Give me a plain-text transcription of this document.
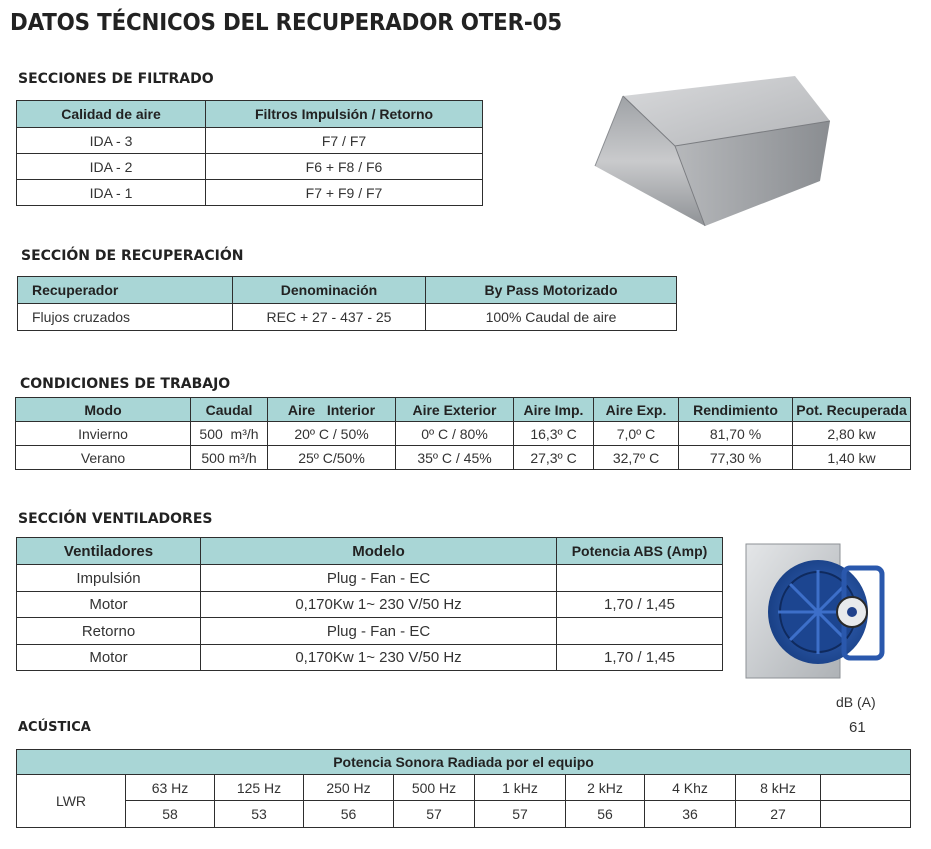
DATOS TÉCNICOS DEL RECUPERADOR OTER-05
SECCIONES DE FILTRADO
Calidad de aire	Filtros Impulsión / Retorno
IDA - 3	F7 / F7
IDA - 2	F6 + F8 / F6
IDA - 1	F7 + F9 / F7
SECCIÓN DE RECUPERACIÓN
Recuperador	Denominación	By Pass Motorizado
Flujos cruzados	REC + 27 - 437 - 25	100% Caudal de aire
CONDICIONES DE TRABAJO
Modo	Caudal	Aire   Interior	Aire Exterior	Aire Imp.	Aire Exp.	Rendimiento	Pot. Recuperada
Invierno	500  m³/h	20º C / 50%	0º C / 80%	16,3º C	7,0º C	81,70 %	2,80 kw
Verano	500 m³/h	25º C/50%	35º C / 45%	27,3º C	32,7º C	77,30 %	1,40 kw
SECCIÓN VENTILADORES
Ventiladores	Modelo	Potencia ABS (Amp)
Impulsión	Plug - Fan - EC	
Motor	0,170Kw 1~ 230 V/50 Hz	1,70 / 1,45
Retorno	Plug - Fan - EC	
Motor	0,170Kw 1~ 230 V/50 Hz	1,70 / 1,45
ACÚSTICA
dB (A)
61
Potencia Sonora Radiada por el equipo									
LWR	63 Hz	125 Hz	250 Hz	500 Hz	1 kHz	2 kHz	4 Khz	8 kHz	
	58	53	56	57	57	56	36	27	
